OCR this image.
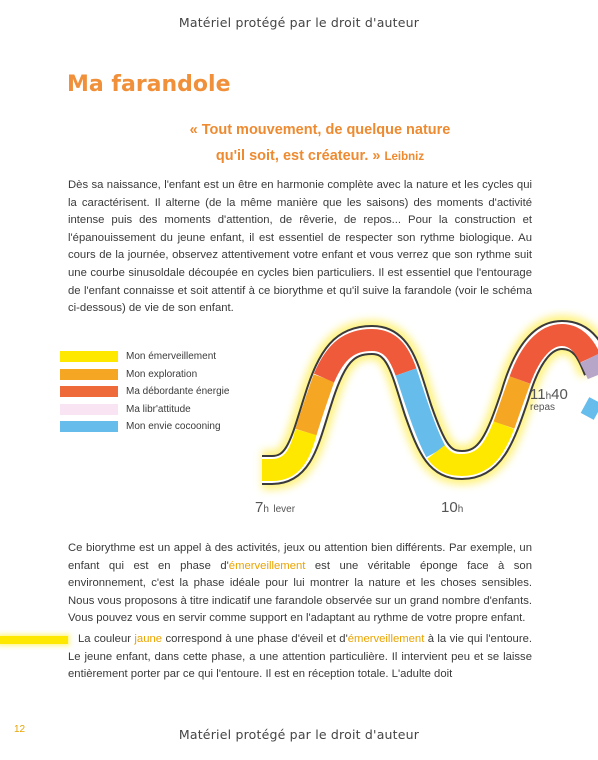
Matériel protégé par le droit d'auteur
Ma farandole
« Tout mouvement, de quelque nature
qu'il soit, est créateur. » Leibniz

Dès sa naissance, l'enfant est un être en harmonie complète avec la nature et les cycles qui la caractérisent. Il alterne (de la même manière que les saisons) des moments d'activité intense puis des moments d'attention, de rêverie, de repos... Pour la construction et l'épanouissement du jeune enfant, il est essentiel de respecter son rythme biologique. Au cours de la journée, observez attentivement votre enfant et vous verrez que son rythme suit une courbe sinusoldale découpée en cycles bien particuliers. Il est essentiel que l'entourage de l'enfant connaisse et soit attentif à ce biorythme et qu'il suive la farandole (voir le schéma ci-dessous) de vie de son enfant.

Mon émerveillement
Mon exploration
Ma débordante énergie
Ma libr'attitude
Mon envie cocooning
7h lever	10h
11h40
repas

Ce biorythme est un appel à des activités, jeux ou attention bien différents. Par exemple, un enfant qui est en phase d'émerveillement est une véritable éponge face à son environnement, c'est la phase idéale pour lui montrer la nature et les choses sensibles. Nous vous proposons à titre indicatif une farandole observée sur un grand nombre d'enfants. Vous pouvez vous en servir comme support en l'adaptant au rythme de votre propre enfant.

La couleur jaune correspond à une phase d'éveil et d'émerveillement à la vie qui l'entoure. Le jeune enfant, dans cette phase, a une attention particulière. Il intervient peu et se laisse entièrement porter par ce qui l'entoure. Il est en réception totale. L'adulte doit

12	Matériel protégé par le droit d'auteur
